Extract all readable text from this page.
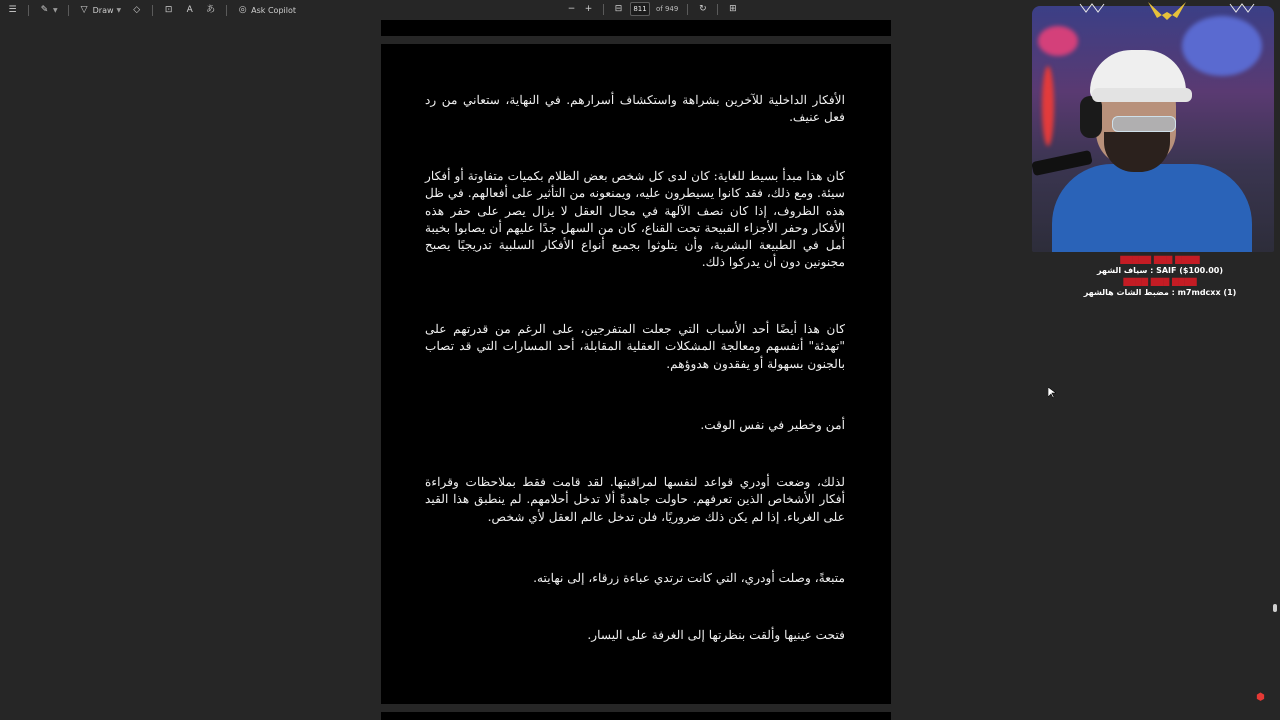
☰	✎ ▼	▽ Draw ▼ ◇	⊡ A あ	◎ Ask Copilot	− + ⊟	811	of 949 ↻ ⊞
الأفكار الداخلية للآخرين بشراهة واستكشاف أسرارهم. في النهاية، ستعاني من رد فعل عنيف.
كان هذا مبدأ بسيط للغاية: كان لدى كل شخص بعض الظلام بكميات متفاوتة أو أفكار سيئة. ومع ذلك، فقد كانوا يسيطرون عليه، ويمنعونه من التأثير على أفعالهم. في ظل هذه الظروف، إذا كان نصف الآلهة في مجال العقل لا يزال يصر على حفر هذه الأفكار وحفر الأجزاء القبيحة تحت القناع، كان من السهل جدًا عليهم أن يصابوا بخيبة أمل في الطبيعة البشرية، وأن يتلوثوا بجميع أنواع الأفكار السلبية تدريجيًا يصبح مجنونين دون أن يدركوا ذلك.
كان هذا أيضًا أحد الأسباب التي جعلت المتفرجين، على الرغم من قدرتهم على "تهدئة" أنفسهم ومعالجة المشكلات العقلية المقابلة، أحد المسارات التي قد تصاب بالجنون بسهولة أو يفقدون هدوؤهم.
أمن وخطير في نفس الوقت.
لذلك، وضعت أودري قواعد لنفسها لمراقبتها. لقد قامت فقط بملاحظات وقراءة أفكار الأشخاص الذين تعرفهم. حاولت جاهدةً ألا تدخل أحلامهم. لم ينطبق هذا القيد على الغرباء. إذا لم يكن ذلك ضروريًا، فلن تدخل عالم العقل لأي شخص.
متبعةً، وصلت أودري، التي كانت ترتدي عباءة زرقاء، إلى نهايته.
فتحت عينيها وألقت بنظرتها إلى الغرفة على اليسار.
⬢
▇▇▇▇ ▇▇▇ ▇▇▇▇▇
SAIF ($100.00) : سياف الشهر
▇▇▇▇ ▇▇▇ ▇▇▇▇
m7mdcxx (1) : مضبط الشات هالشهر
